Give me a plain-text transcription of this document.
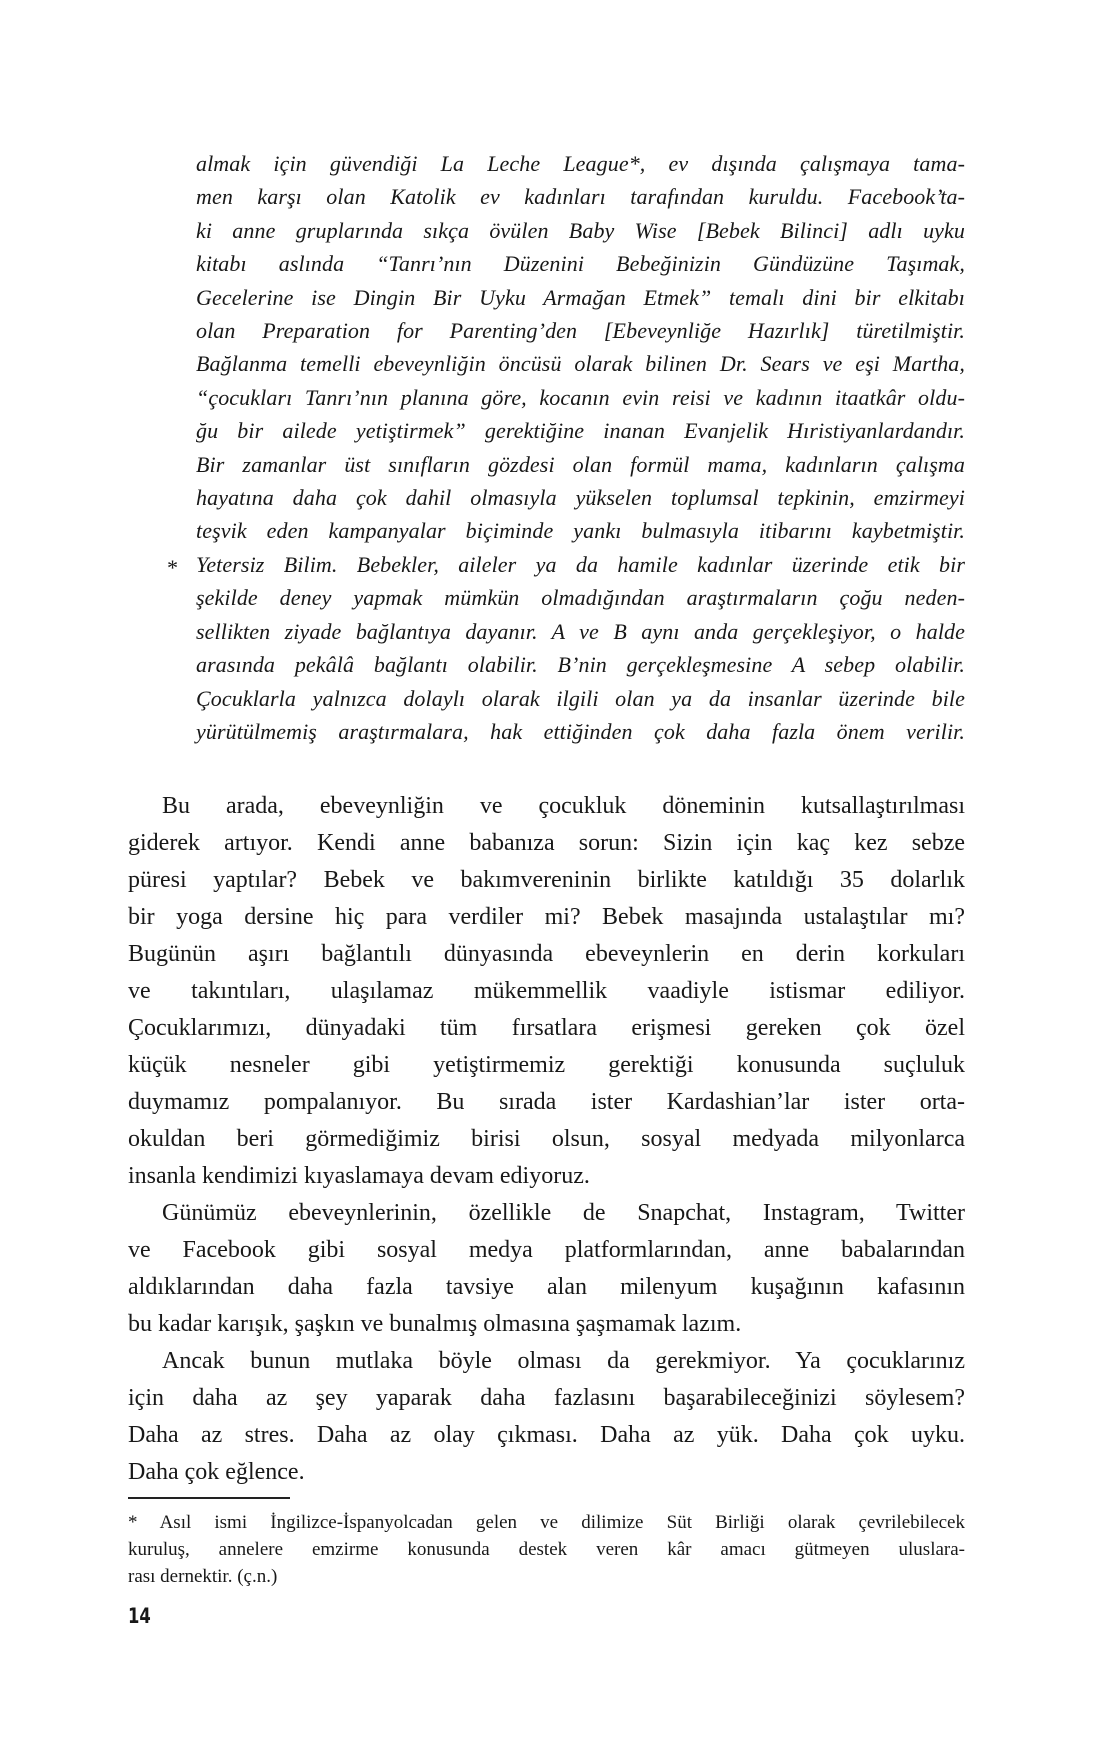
almak için güvendiği La Leche League*, ev dışında çalışmaya tama-
men karşı olan Katolik ev kadınları tarafından kuruldu. Facebook’ta-
ki anne gruplarında sıkça övülen Baby Wise [Bebek Bilinci] adlı uyku
kitabı aslında “Tanrı’nın Düzenini Bebeğinizin Gündüzüne Taşımak,
Gecelerine ise Dingin Bir Uyku Armağan Etmek” temalı dini bir elkitabı
olan Preparation for Parenting’den [Ebeveynliğe Hazırlık] türetilmiştir.
Bağlanma temelli ebeveynliğin öncüsü olarak bilinen Dr. Sears ve eşi Martha,
“çocukları Tanrı’nın planına göre, kocanın evin reisi ve kadının itaatkâr oldu-
ğu bir ailede yetiştirmek” gerektiğine inanan Evanjelik Hıristiyanlardandır.
Bir zamanlar üst sınıfların gözdesi olan formül mama, kadınların çalışma
hayatına daha çok dahil olmasıyla yükselen toplumsal tepkinin, emzirmeyi
teşvik eden kampanyalar biçiminde yankı bulmasıyla itibarını kaybetmiştir.
* Yetersiz Bilim. Bebekler, aileler ya da hamile kadınlar üzerinde etik bir
şekilde deney yapmak mümkün olmadığından araştırmaların çoğu neden-
sellikten ziyade bağlantıya dayanır. A ve B aynı anda gerçekleşiyor, o halde
arasında pekâlâ bağlantı olabilir. B’nin gerçekleşmesine A sebep olabilir.
Çocuklarla yalnızca dolaylı olarak ilgili olan ya da insanlar üzerinde bile
yürütülmemiş araştırmalara, hak ettiğinden çok daha fazla önem verilir.
Bu arada, ebeveynliğin ve çocukluk döneminin kutsallaştırılması
giderek artıyor. Kendi anne babanıza sorun: Sizin için kaç kez sebze
püresi yaptılar? Bebek ve bakımvereninin birlikte katıldığı 35 dolarlık
bir yoga dersine hiç para verdiler mi? Bebek masajında ustalaştılar mı?
Bugünün aşırı bağlantılı dünyasında ebeveynlerin en derin korkuları
ve takıntıları, ulaşılamaz mükemmellik vaadiyle istismar ediliyor.
Çocuklarımızı, dünyadaki tüm fırsatlara erişmesi gereken çok özel
küçük nesneler gibi yetiştirmemiz gerektiği konusunda suçluluk
duymamız pompalanıyor. Bu sırada ister Kardashian’lar ister orta-
okuldan beri görmediğimiz birisi olsun, sosyal medyada milyonlarca
insanla kendimizi kıyaslamaya devam ediyoruz.
Günümüz ebeveynlerinin, özellikle de Snapchat, Instagram, Twitter
ve Facebook gibi sosyal medya platformlarından, anne babalarından
aldıklarından daha fazla tavsiye alan milenyum kuşağının kafasının
bu kadar karışık, şaşkın ve bunalmış olmasına şaşmamak lazım.
Ancak bunun mutlaka böyle olması da gerekmiyor. Ya çocuklarınız
için daha az şey yaparak daha fazlasını başarabileceğinizi söylesem?
Daha az stres. Daha az olay çıkması. Daha az yük. Daha çok uyku.
Daha çok eğlence.
* Asıl ismi İngilizce-İspanyolcadan gelen ve dilimize Süt Birliği olarak çevrilebilecek
kuruluş, annelere emzirme konusunda destek veren kâr amacı gütmeyen uluslara-
rası dernektir. (ç.n.)
14
